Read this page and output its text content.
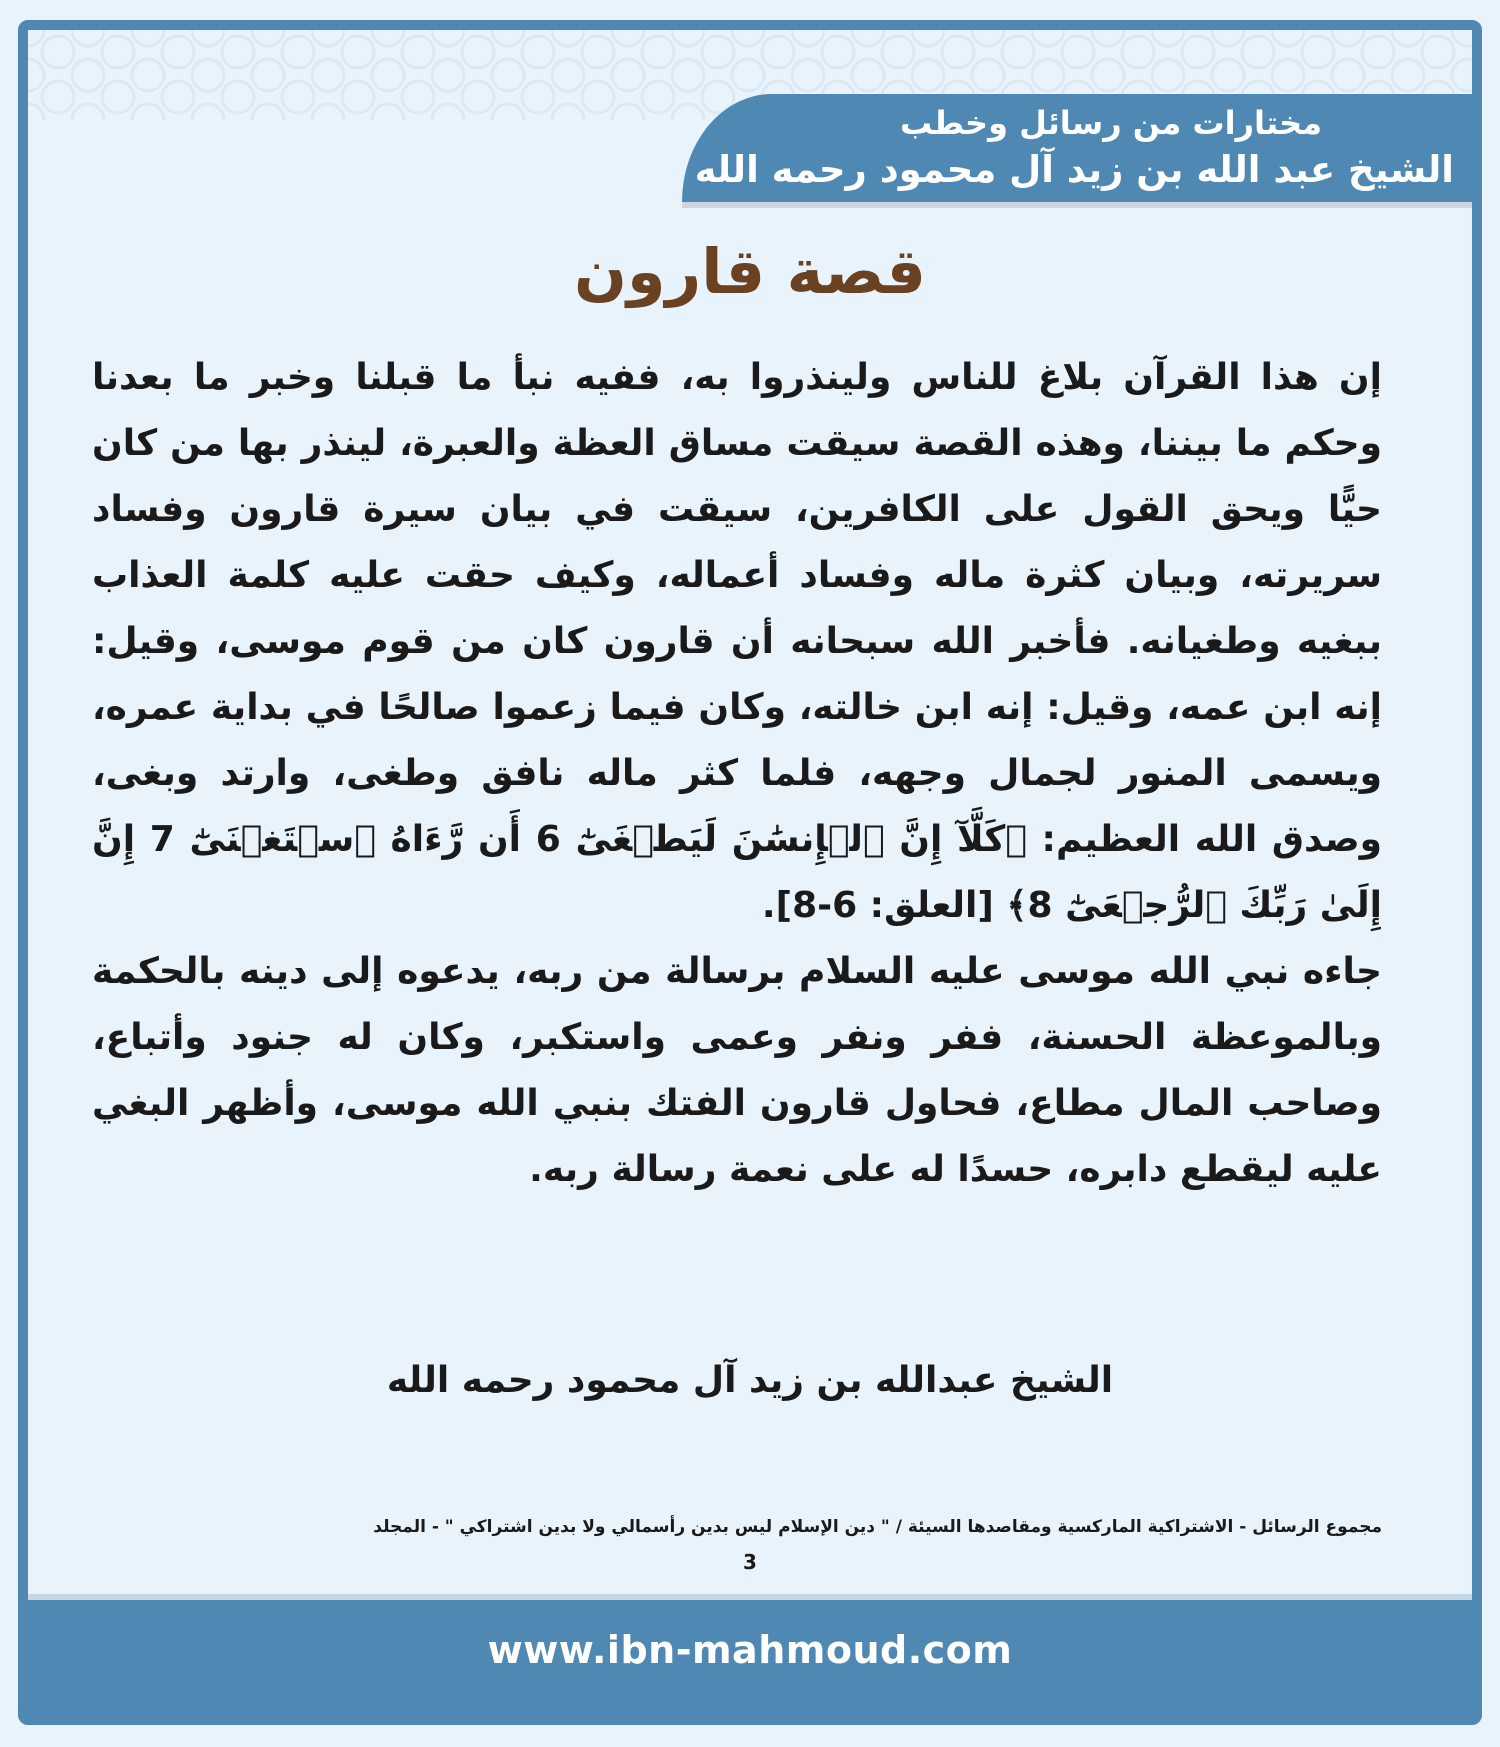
مختارات من رسائل وخطب
الشيخ عبد الله بن زيد آل محمود رحمه الله
قصة قارون

إن هذا القرآن بلاغ للناس ولينذروا به، ففيه نبأ ما قبلنا وخبر ما بعدنا وحكم ما بيننا، وهذه القصة سيقت مساق العظة والعبرة، لينذر بها من كان حيًّا ويحق القول على الكافرين، سيقت في بيان سيرة قارون وفساد سريرته، وبيان كثرة ماله وفساد أعماله، وكيف حقت عليه كلمة العذاب ببغيه وطغيانه. فأخبر الله سبحانه أن قارون كان من قوم موسى، وقيل: إنه ابن عمه، وقيل: إنه ابن خالته، وكان فيما زعموا صالحًا في بداية عمره، ويسمى المنور لجمال وجهه، فلما كثر ماله نافق وطغى، وارتد وبغى، وصدق الله العظيم: ﴿كَلَّآ إِنَّ ٱلۡإِنسَٰنَ لَيَطۡغَىٰٓ 6 أَن رَّءَاهُ ٱسۡتَغۡنَىٰٓ 7 إِنَّ إِلَىٰ رَبِّكَ ٱلرُّجۡعَىٰٓ 8﴾ [العلق: 6-8].

جاءه نبي الله موسى عليه السلام برسالة من ربه، يدعوه إلى دينه بالحكمة وبالموعظة الحسنة، ففر ونفر وعمى واستكبر، وكان له جنود وأتباع، وصاحب المال مطاع، فحاول قارون الفتك بنبي الله موسى، وأظهر البغي عليه ليقطع دابره، حسدًا له على نعمة رسالة ربه.

الشيخ عبدالله بن زيد آل محمود رحمه الله
مجموع الرسائل - الاشتراكية الماركسية ومقاصدها السيئة / " دين الإسلام ليس بدين رأسمالي ولا بدين اشتراكي " - المجلد
3
www.ibn-mahmoud.com
